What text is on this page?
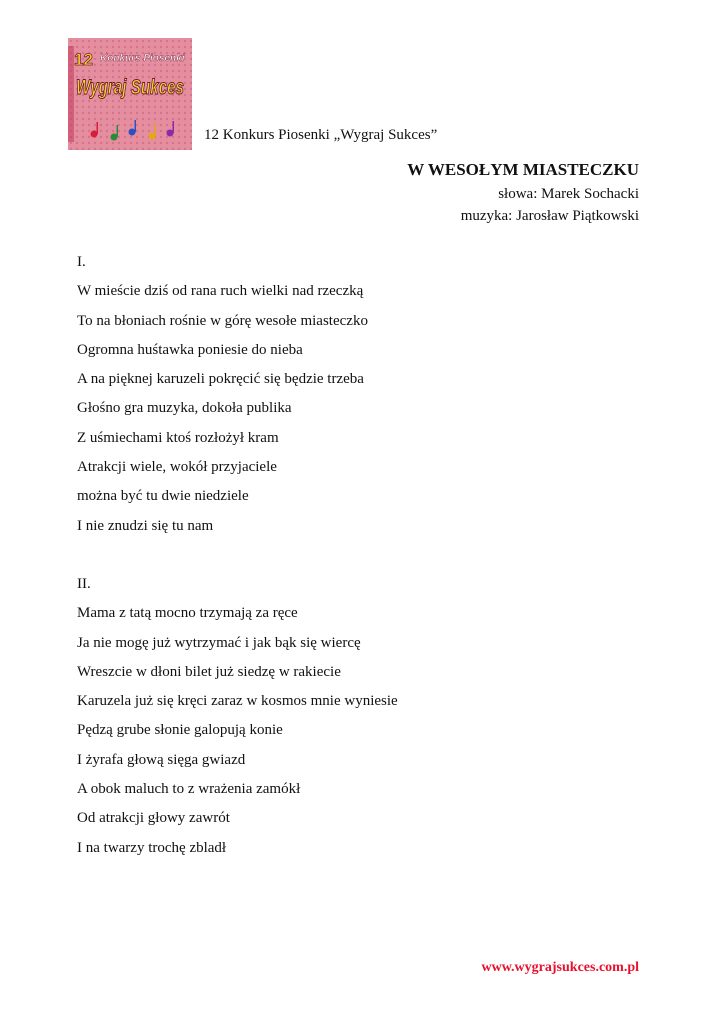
12 Konkurs Piosenki
Wygraj Sukces
12 Konkurs Piosenki „Wygraj Sukces”
W WESOŁYM MIASTECZKU
słowa: Marek Sochacki
muzyka: Jarosław Piątkowski
I.
W mieście dziś od rana ruch wielki nad rzeczką
To na błoniach rośnie w górę wesołe miasteczko
Ogromna huśtawka poniesie do nieba
A na pięknej karuzeli pokręcić się będzie trzeba
Głośno gra muzyka, dokoła publika
Z uśmiechami ktoś rozłożył kram
Atrakcji wiele, wokół przyjaciele
można być tu dwie niedziele
I nie znudzi się tu nam
II.
Mama z tatą mocno trzymają za ręce
Ja nie mogę już wytrzymać i jak bąk się wiercę
Wreszcie w dłoni bilet już siedzę w rakiecie
Karuzela już się kręci zaraz w kosmos mnie wyniesie
Pędzą grube słonie galopują konie
I żyrafa głową sięga gwiazd
A obok maluch to z wrażenia zamókł
Od atrakcji głowy zawrót
I na twarzy trochę zbladł
www.wygrajsukces.com.pl
